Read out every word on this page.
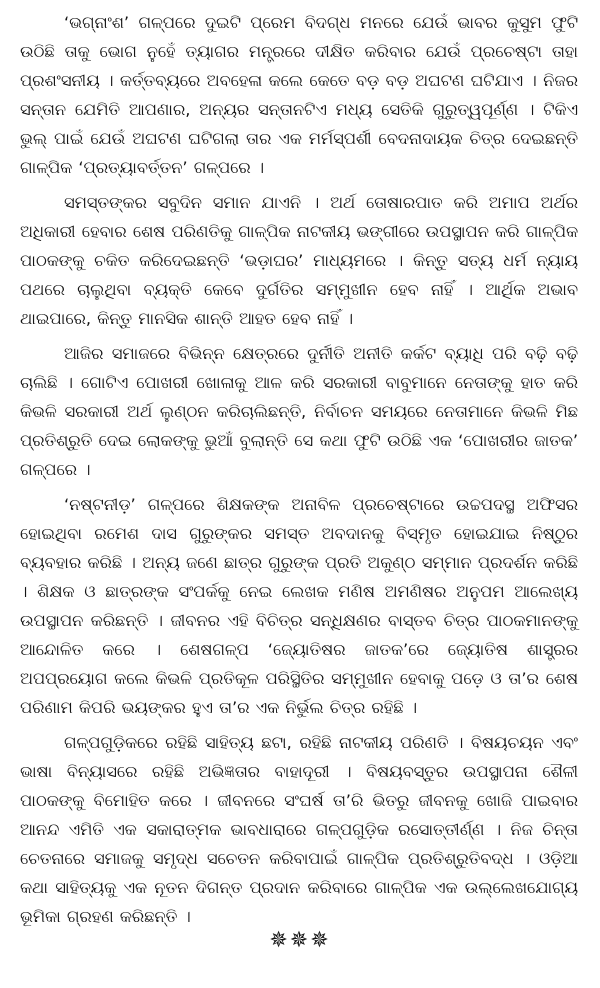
‘ଭଗ୍ନାଂଶ’ ଗଳ୍ପରେ ଦୁଇଟି ପ୍ରେମ ବିଦଗ୍ଧ ମନରେ ଯେଉଁ ଭାବର କୁସୁମ ଫୁଟି ଉଠିଛି ତାକୁ ଭୋଗ ନୁହେଁ ତ୍ୟାଗର ମନ୍ତ୍ରରେ ଦୀକ୍ଷିତ କରିବାର ଯେଉଁ ପ୍ରଚେଷ୍ଟା ତାହା ପ୍ରଶଂସନୀୟ । କର୍ତ୍ତବ୍ୟରେ ଅବହେଳା କଲେ କେତେ ବଡ଼ ବଡ଼ ଅଘଟଣ ଘଟିଯାଏ । ନିଜର ସନ୍ତାନ ଯେମିତି ଆପଣାର, ଅନ୍ୟର ସନ୍ତାନଟିଏ ମଧ୍ୟ ସେତିକି ଗୁରୁତ୍ୱପୂର୍ଣ୍ଣ । ଟିକିଏ ଭୁଲ୍ ପାଇଁ ଯେଉଁ ଅଘଟଣ ଘଟିଗଲା ତାର ଏକ ମର୍ମସ୍ପର୍ଶୀ ବେଦନାଦାୟକ ଚିତ୍ର ଦେଇଛନ୍ତି ଗାଳ୍ପିକ ‘ପ୍ରତ୍ୟାବର୍ତ୍ତନ’ ଗଳ୍ପରେ ।

ସମସ୍ତଙ୍କର ସବୁଦିନ ସମାନ ଯାଏନି । ଅର୍ଥ ତୋଷାରପାତ କରି ଅମାପ ଅର୍ଥର ଅଧିକାରୀ ହେବାର ଶେଷ ପରିଣତିକୁ ଗାଳ୍ପିକ ନାଟକୀୟ ଭଙ୍ଗୀରେ ଉପସ୍ଥାପନ କରି ଗାଳ୍ପିକ ପାଠକଙ୍କୁ ଚକିତ କରିଦେଇଛନ୍ତି ‘ଭଡ଼ାଘର’ ମାଧ୍ୟମରେ । କିନ୍ତୁ ସତ୍ୟ ଧର୍ମ ନ୍ୟାୟ ପଥରେ ଚାଲୁଥିବା ବ୍ୟକ୍ତି କେବେ ଦୁର୍ଗତିର ସମ୍ମୁଖୀନ ହେବ ନାହିଁ । ଆର୍ଥିକ ଅଭାବ ଥାଇପାରେ, କିନ୍ତୁ ମାନସିକ ଶାନ୍ତି ଆହତ ହେବ ନାହିଁ ।

ଆଜିର ସମାଜରେ ବିଭିନ୍ନ କ୍ଷେତ୍ରରେ ଦୁର୍ନୀତି ଅନୀତି କର୍କଟ ବ୍ୟାଧି ପରି ବଢ଼ି ବଢ଼ି ଚାଲିଛି । ଗୋଟିଏ ପୋଖରୀ ଖୋଳାକୁ ଆଳ କରି ସରକାରୀ ବାବୁମାନେ ନେତାଙ୍କୁ ହାତ କରି କିଭଳି ସରକାରୀ ଅର୍ଥ ଲୁଣ୍ଠନ କରିଚାଲିଛନ୍ତି, ନିର୍ବାଚନ ସମୟରେ ନେତାମାନେ କିଭଳି ମିଛ ପ୍ରତିଶ୍ରୁତି ଦେଇ ଲୋକଙ୍କୁ ଭୁଆଁ ବୁଲାନ୍ତି ସେ କଥା ଫୁଟି ଉଠିଛି ଏକ ‘ପୋଖରୀର ଜାତକ’ ଗଳ୍ପରେ ।

‘ନଷ୍ଟନୀଡ଼’ ଗଳ୍ପରେ ଶିକ୍ଷକଙ୍କ ଅନାବିଳ ପ୍ରଚେଷ୍ଟାରେ ଉଚ୍ଚପଦସ୍ଥ ଅଫିସର ହୋଇଥିବା ରମେଶ ଦାସ ଗୁରୁଙ୍କର ସମସ୍ତ ଅବଦାନକୁ ବିସ୍ମୃତ ହୋଇଯାଇ ନିଷ୍ଠୁର ବ୍ୟବହାର କରିଛି । ଅନ୍ୟ ଜଣେ ଛାତ୍ର ଗୁରୁଙ୍କ ପ୍ରତି ଅକୁଣ୍ଠ ସମ୍ମାନ ପ୍ରଦର୍ଶନ କରିଛି । ଶିକ୍ଷକ ଓ ଛାତ୍ରଙ୍କ ସଂପର୍କକୁ ନେଇ ଲେଖକ ମଣିଷ ଅମଣିଷର ଅନୁପମ ଆଲେଖ୍ୟ ଉପସ୍ଥାପନ କରିଛନ୍ତି । ଜୀବନର ଏହି ବିଚିତ୍ର ସନ୍ଧିକ୍ଷଣର ବାସ୍ତବ ଚିତ୍ର ପାଠକମାନଙ୍କୁ ଆନ୍ଦୋଳିତ କରେ । ଶେଷଗଳ୍ପ ‘ଜ୍ୟୋତିଷର ଜାତକ’ରେ ଜ୍ୟୋତିଷ ଶାସ୍ତ୍ରର ଅପପ୍ରୟୋଗ କଲେ କିଭଳି ପ୍ରତିକୂଳ ପରିସ୍ଥିତିର ସମ୍ମୁଖୀନ ହେବାକୁ ପଡ଼େ ଓ ତା’ର ଶେଷ ପରିଣାମ କିପରି ଭୟଙ୍କର ହୁଏ ତା’ର ଏକ ନିର୍ଭୁଲ ଚିତ୍ର ରହିଛି ।

ଗଳ୍ପଗୁଡ଼ିକରେ ରହିଛି ସାହିତ୍ୟ ଛଟା, ରହିଛି ନାଟକୀୟ ପରିଣତି । ବିଷୟଚୟନ ଏବଂ ଭାଷା ବିନ୍ୟାସରେ ରହିଛି ଅଭିଜ୍ଞତାର ବାହାଦୂରୀ । ବିଷୟବସ୍ତୁର ଉପସ୍ଥାପନା ଶୈଳୀ ପାଠକଙ୍କୁ ବିମୋହିତ କରେ । ଜୀବନରେ ସଂଘର୍ଷ ତା’ରି ଭିତରୁ ଜୀବନକୁ ଖୋଜି ପାଇବାର ଆନନ୍ଦ ଏମିତି ଏକ ସକାରାତ୍ମକ ଭାବଧାରାରେ ଗଳ୍ପଗୁଡ଼ିକ ରସୋତ୍ତୀର୍ଣ୍ଣ । ନିଜ ଚିନ୍ତା ଚେତନାରେ ସମାଜକୁ ସମୃଦ୍ଧ ସଚେତନ କରିବାପାଇଁ ଗାଳ୍ପିକ ପ୍ରତିଶ୍ରୁତିବଦ୍ଧ । ଓଡ଼ିଆ କଥା ସାହିତ୍ୟକୁ ଏକ ନୂତନ ଦିଗନ୍ତ ପ୍ରଦାନ କରିବାରେ ଗାଳ୍ପିକ ଏକ ଉଲ୍ଲେଖଯୋଗ୍ୟ ଭୂମିକା ଗ୍ରହଣ କରିଛନ୍ତି ।

✵✵✵
